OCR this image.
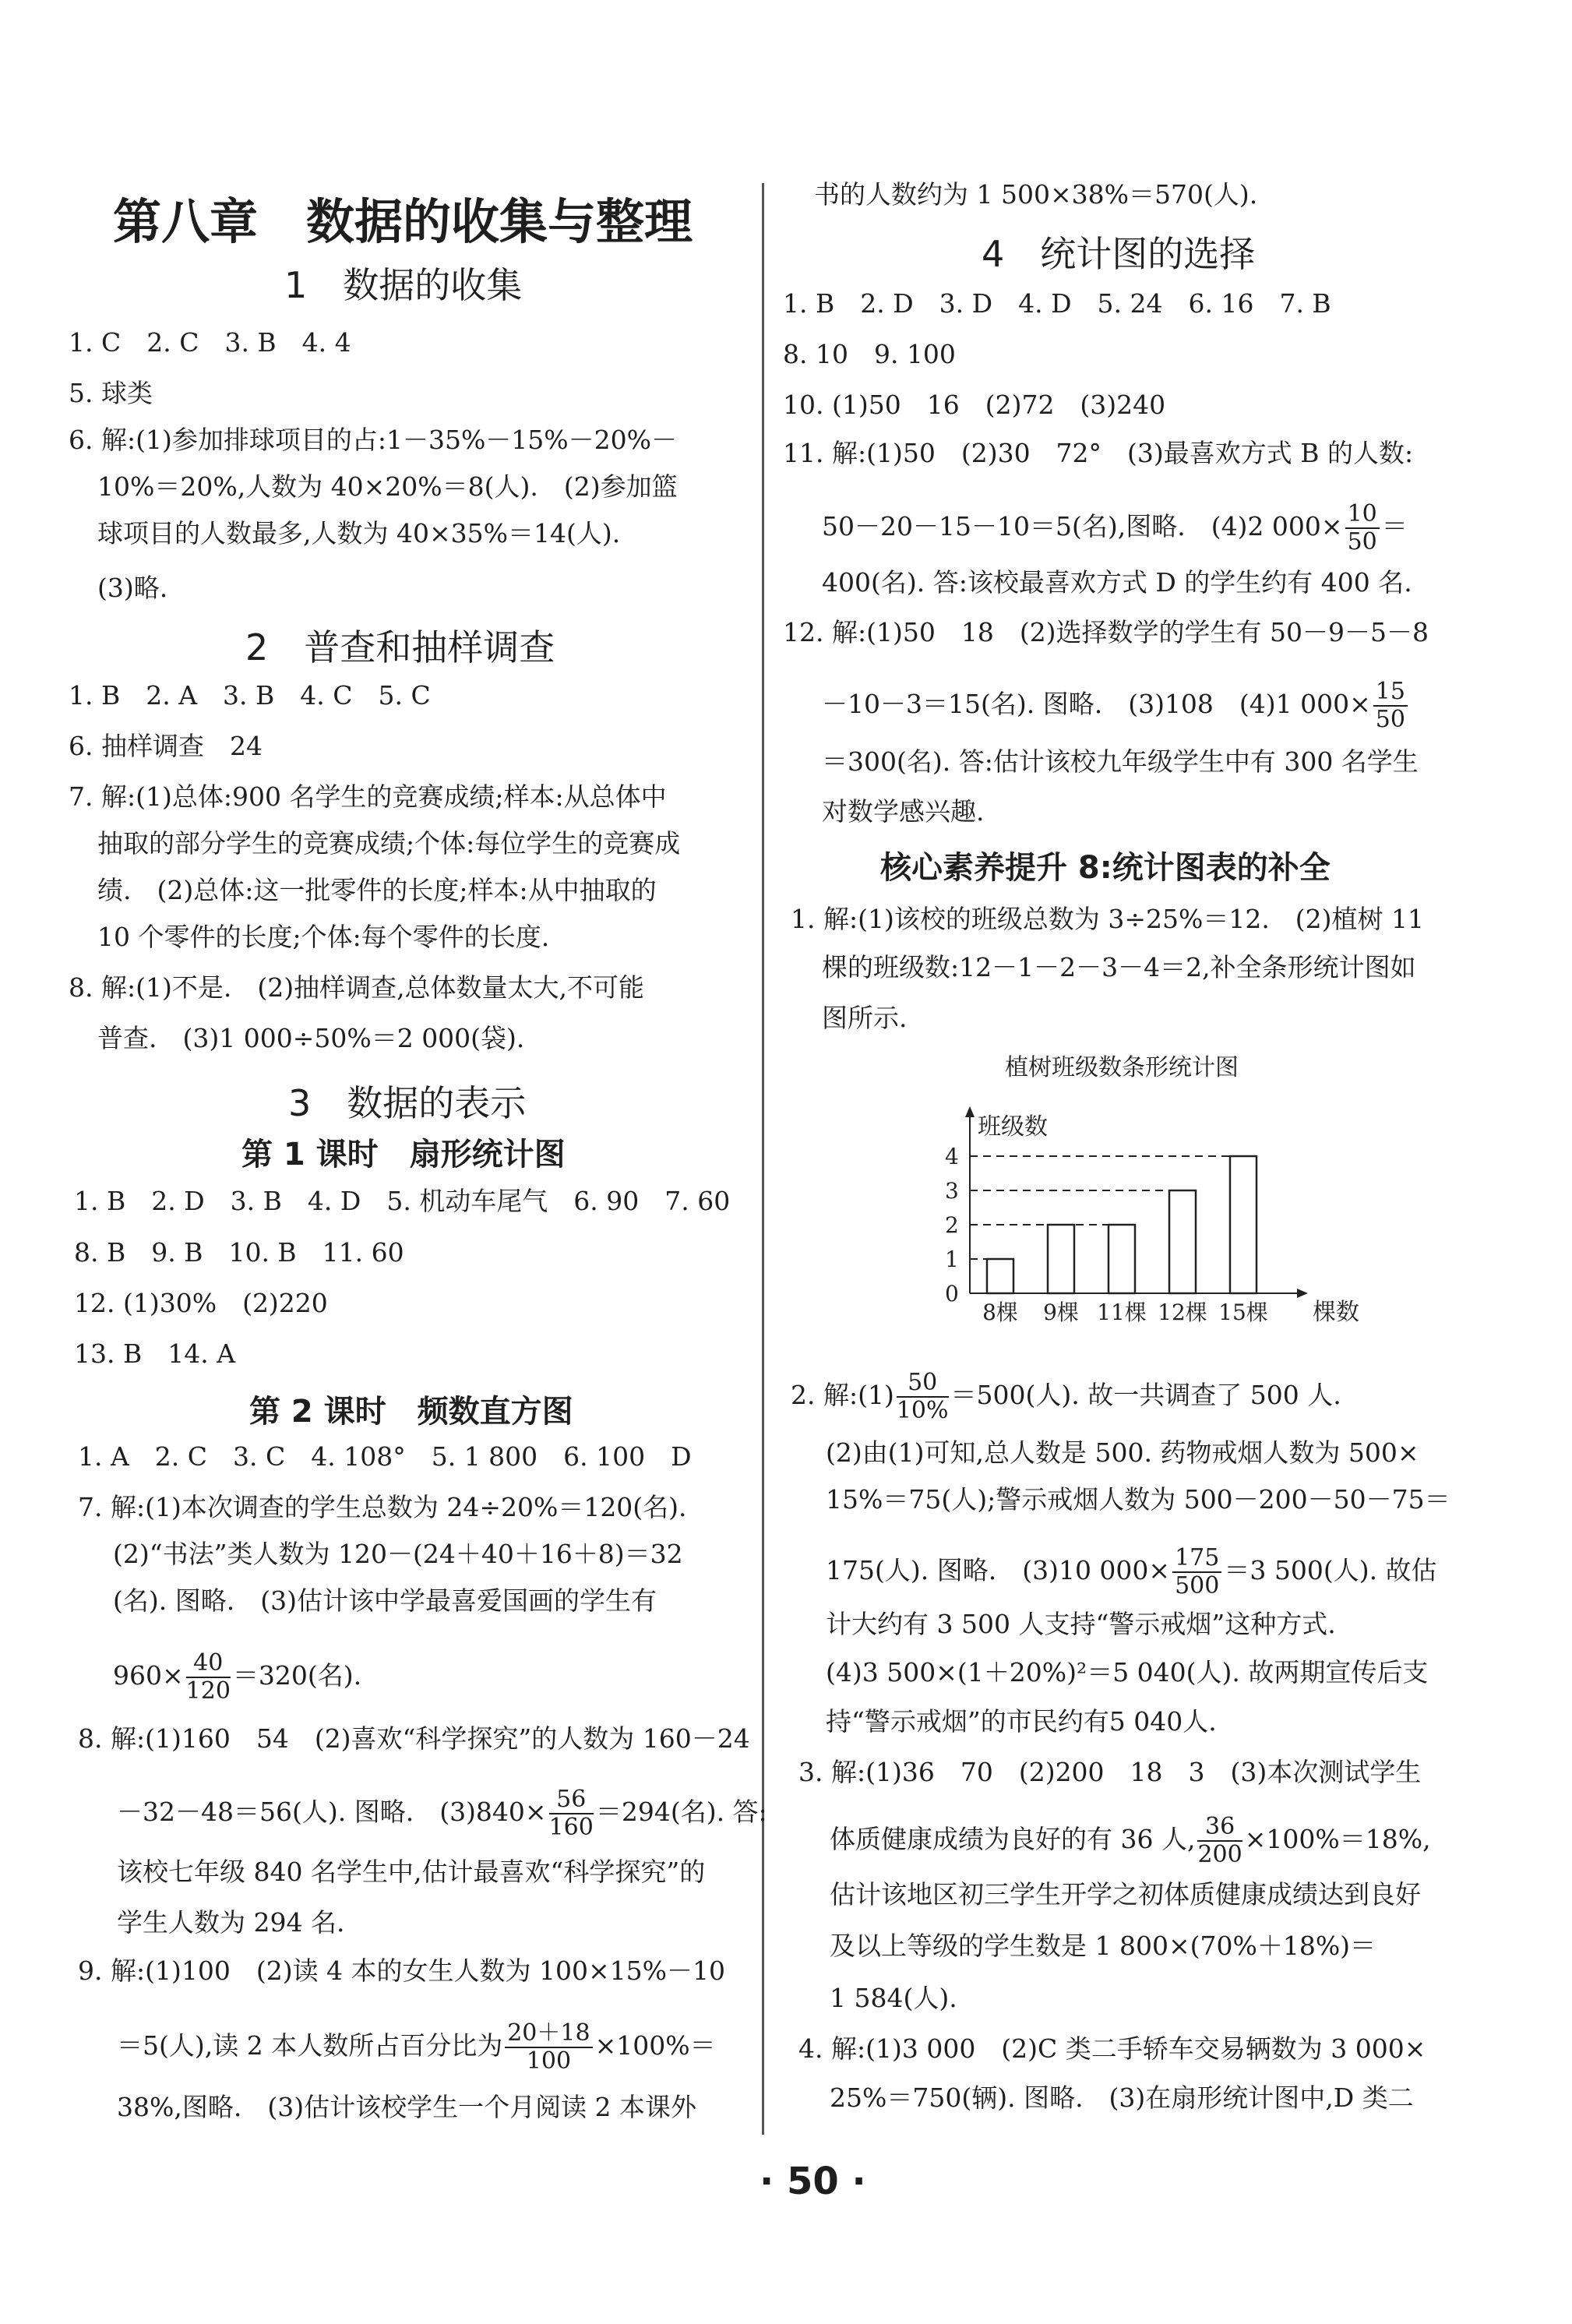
第八章　数据的收集与整理
1　数据的收集
1. C　2. C　3. B　4. 4
5. 球类
6. 解:(1)参加排球项目的占:1－35%－15%－20%－
10%＝20%,人数为 40×20%＝8(人).　(2)参加篮
球项目的人数最多,人数为 40×35%＝14(人).
(3)略.
2　普查和抽样调查
1. B　2. A　3. B　4. C　5. C
6. 抽样调查　24
7. 解:(1)总体:900 名学生的竞赛成绩;样本:从总体中
抽取的部分学生的竞赛成绩;个体:每位学生的竞赛成
绩.　(2)总体:这一批零件的长度;样本:从中抽取的
10 个零件的长度;个体:每个零件的长度.
8. 解:(1)不是.　(2)抽样调查,总体数量太大,不可能
普查.　(3)1 000÷50%＝2 000(袋).
3　数据的表示
第 1 课时　扇形统计图
1. B　2. D　3. B　4. D　5. 机动车尾气　6. 90　7. 60
8. B　9. B　10. B　11. 60
12. (1)30%　(2)220
13. B　14. A
第 2 课时　频数直方图
1. A　2. C　3. C　4. 108°　5. 1 800　6. 100　D
7. 解:(1)本次调查的学生总数为 24÷20%＝120(名).
(2)“书法”类人数为 120－(24＋40＋16＋8)＝32
(名). 图略.　(3)估计该中学最喜爱国画的学生有
$960\times \frac{40}{120} =320$(名).
8. 解:(1)160　54　(2)喜欢“科学探究”的人数为 160－24
－32－48＝56(人). 图略.　$(3)840\times \frac{56}{160} =294$(名). 答:
该校七年级 840 名学生中,估计最喜欢“科学探究”的
学生人数为 294 名.
9. 解:(1)100　(2)读 4 本的女生人数为 100×15%－10
＝5(人),读 2 本人数所占百分比为 $\frac{20+18}{100} \times 100\%=$
38%,图略.　(3)估计该校学生一个月阅读 2 本课外
书的人数约为 1 500×38%＝570(人).
4　统计图的选择
1. B　2. D　3. D　4. D　5. 24　6. 16　7. B
8. 10　9. 100
10. (1)50　16　(2)72　(3)240
11. 解:(1)50　(2)30　72°　(3)最喜欢方式 B 的人数:
50－20－15－10＝5(名),图略.　(4)2 $000\times \frac{10}{50}$ ＝
400(名). 答:该校最喜欢方式 D 的学生约有 400 名.
12. 解:(1)50　18　(2)选择数学的学生有 50－9－5－8
－10－3＝15(名). 图略.　(3)108　(4)1 $000\times \frac{15}{50}$
＝300(名). 答:估计该校九年级学生中有 300 名学生
对数学感兴趣.
核心素养提升 8:统计图表的补全
1. 解:(1)该校的班级总数为 3÷25%＝12.　(2)植树 11
棵的班级数:12－1－2－3－4＝2,补全条形统计图如
图所示.
植树班级数条形统计图
班级数
0
1
2
3
4
8棵 9棵 11棵 12棵 15棵 棵数
2. 解:(1) $\frac{50}{10\%} =500$(人). 故一共调查了 500 人.
(2)由(1)可知,总人数是 500. 药物戒烟人数为 500×
15%＝75(人);警示戒烟人数为 500－200－50－75＝
175(人). 图略.　(3)10 $000\times \frac{175}{500} =3$ 500(人). 故估
计大约有 3 500 人支持“警示戒烟”这种方式.
(4)3 500×(1＋20%)²＝5 040(人). 故两期宣传后支
持“警示戒烟”的市民约有5 040人.
3. 解:(1)36　70　(2)200　18　3　(3)本次测试学生
体质健康成绩为良好的有 36 人, $\frac{36}{200} \times 100\%=18\%$,
估计该地区初三学生开学之初体质健康成绩达到良好
及以上等级的学生数是 1 800×(70%＋18%)＝
1 584(人).
4. 解:(1)3 000　(2)C 类二手轿车交易辆数为 3 000×
25%＝750(辆). 图略.　(3)在扇形统计图中,D 类二
· 50 ·
